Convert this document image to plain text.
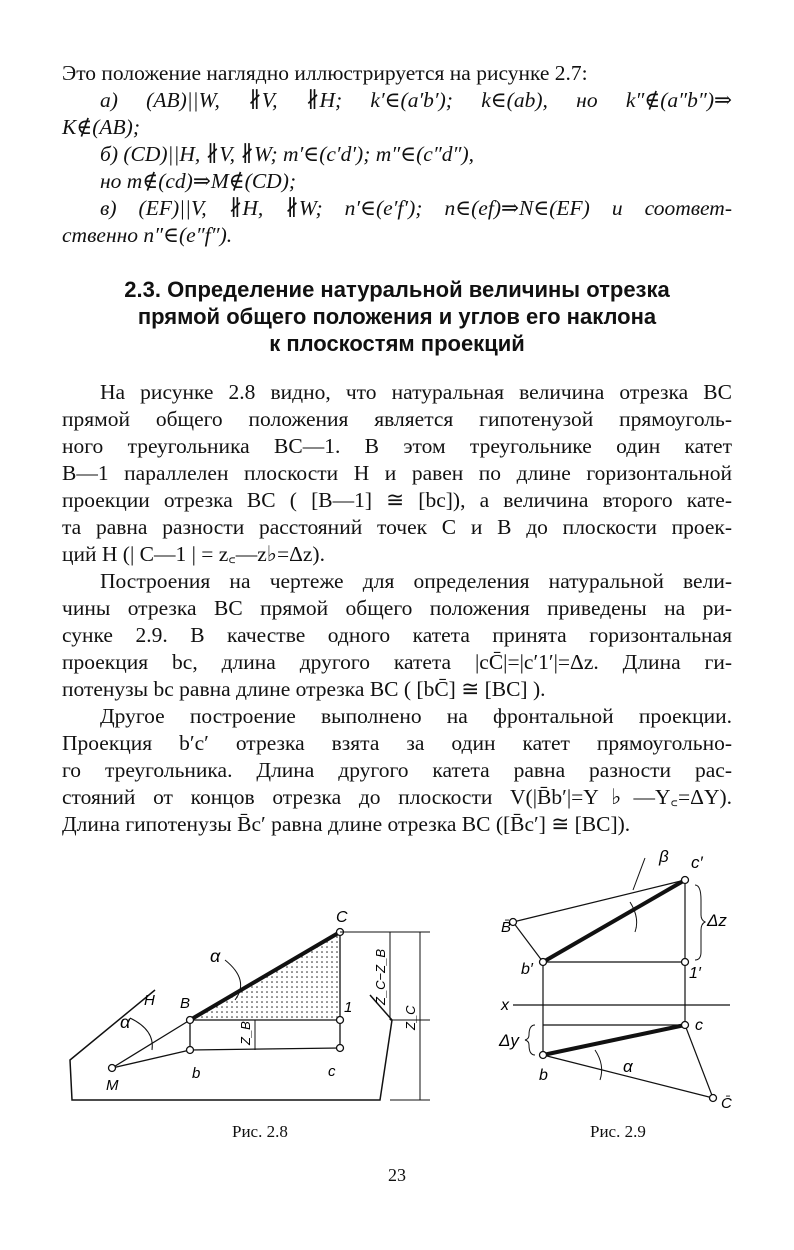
Это положение наглядно иллюстрируется на рисунке 2.7:
а) (AB)||W, ∦V, ∦H; k′∈(a′b′); k∈(ab), но k″∉(a″b″)⇒
K∉(AB);
б) (CD)||H, ∦V, ∦W; m′∈(c′d′); m″∈(c″d″),
но m∉(cd)⇒M∉(CD);
в) (EF)||V, ∦H, ∦W; n′∈(e′f′); n∈(ef)⇒N∈(EF) и соответ-
ственно n″∈(e″f″).
2.3. Определение натуральной величины отрезка
прямой общего положения и углов его наклона
к плоскостям проекций
На рисунке 2.8 видно, что натуральная величина отрезка BC
прямой общего положения является гипотенузой прямоуголь-
ного треугольника BC—1. В этом треугольнике один катет
B—1 параллелен плоскости H и равен по длине горизонтальной
проекции отрезка BC ( [B—1] ≅ [bc]), а величина второго кате-
та равна разности расстояний точек C и B до плоскости проек-
ций H (| C—1 | = z꜀—z♭=Δz).
Построения на чертеже для определения натуральной вели-
чины отрезка BC прямой общего положения приведены на ри-
сунке 2.9. В качестве одного катета принята горизонтальная
проекция bc, длина другого катета |cC̄|=|c′1′|=Δz. Длина ги-
потенузы bc равна длине отрезка BC ( [bC̄] ≅ [BC] ).
Другое построение выполнено на фронтальной проекции.
Проекция b′c′ отрезка взята за один катет прямоугольно-
го треугольника. Длина другого катета равна разности рас-
стояний от концов отрезка до плоскости V(|B̄b′|=Y♭—Y꜀=ΔY).
Длина гипотенузы B̄c′ равна длине отрезка BC ([B̄c′] ≅ [BC]).
C
α
H B	1
α
M
b	c
Z_B
Z_C
Z_C−Z_B
β c′
B̄	Δz
b′	1′
x
c
Δy
α
b
C̄
Рис. 2.8	Рис. 2.9
23
